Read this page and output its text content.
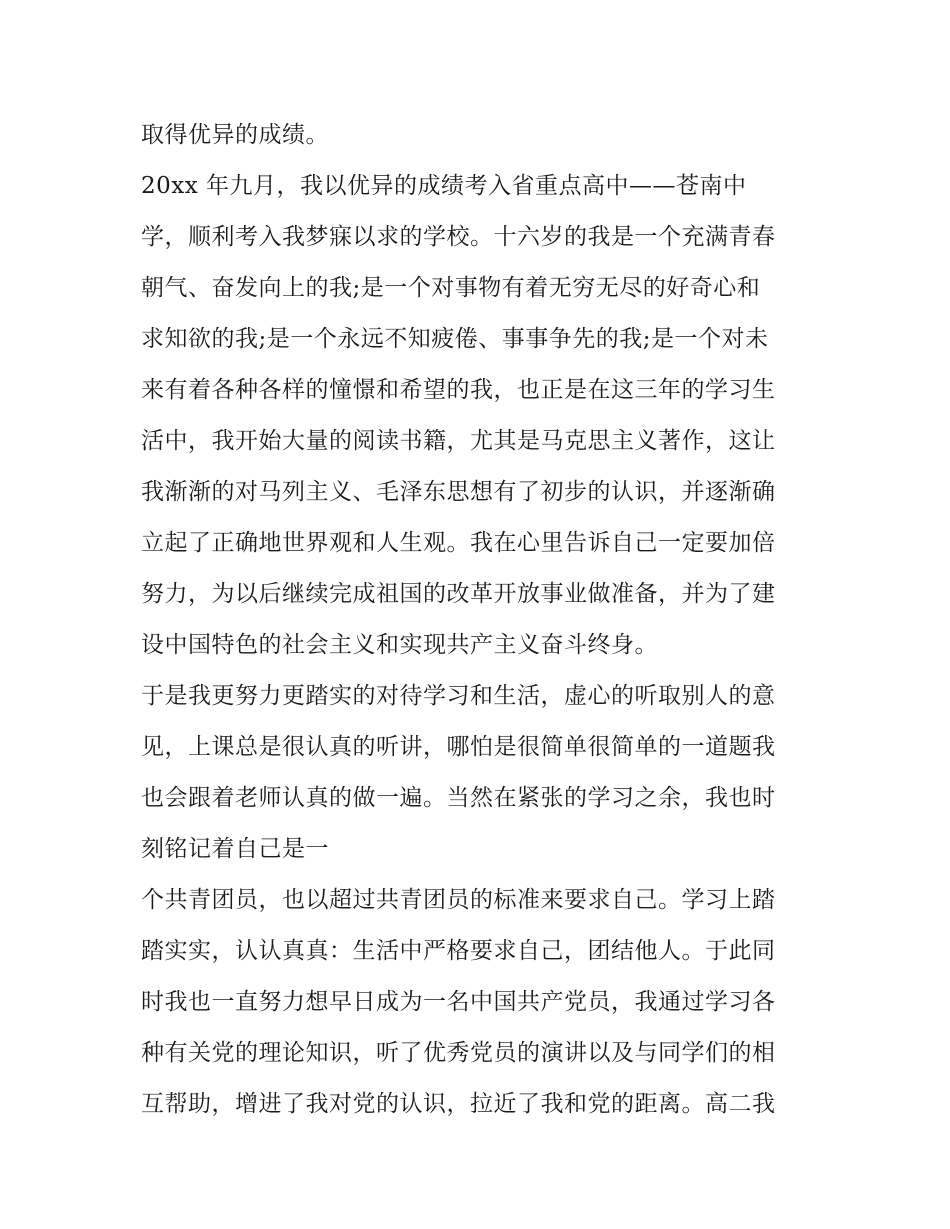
取得优异的成绩。
20xx 年九月，我以优异的成绩考入省重点高中——苍南中
学，顺利考入我梦寐以求的学校。十六岁的我是一个充满青春
朝气、奋发向上的我;是一个对事物有着无穷无尽的好奇心和
求知欲的我;是一个永远不知疲倦、事事争先的我;是一个对未
来有着各种各样的憧憬和希望的我，也正是在这三年的学习生
活中，我开始大量的阅读书籍，尤其是马克思主义著作，这让
我渐渐的对马列主义、毛泽东思想有了初步的认识，并逐渐确
立起了正确地世界观和人生观。我在心里告诉自己一定要加倍
努力，为以后继续完成祖国的改革开放事业做准备，并为了建
设中国特色的社会主义和实现共产主义奋斗终身。
于是我更努力更踏实的对待学习和生活，虚心的听取别人的意
见，上课总是很认真的听讲，哪怕是很简单很简单的一道题我
也会跟着老师认真的做一遍。当然在紧张的学习之余，我也时
刻铭记着自己是一
个共青团员，也以超过共青团员的标准来要求自己。学习上踏
踏实实，认认真真：生活中严格要求自己，团结他人。于此同
时我也一直努力想早日成为一名中国共产党员，我通过学习各
种有关党的理论知识，听了优秀党员的演讲以及与同学们的相
互帮助，增进了我对党的认识，拉近了我和党的距离。高二我
